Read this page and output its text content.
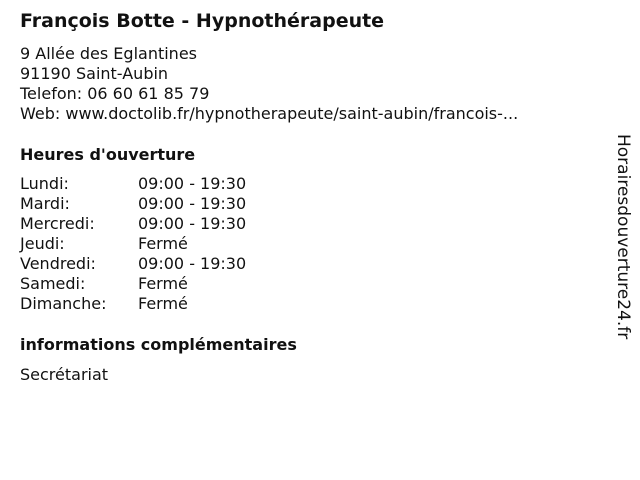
François Botte - Hypnothérapeute
9 Allée des Eglantines
91190 Saint-Aubin
Telefon: 06 60 61 85 79
Web: www.doctolib.fr/hypnotherapeute/saint-aubin/francois-...
Heures d'ouverture
Lundi:	09:00 - 19:30
Mardi:	09:00 - 19:30
Mercredi:	09:00 - 19:30
Jeudi:	Fermé
Vendredi:	09:00 - 19:30
Samedi:	Fermé
Dimanche: Fermé
informations complémentaires
Secrétariat
Horairesdouverture24.fr
